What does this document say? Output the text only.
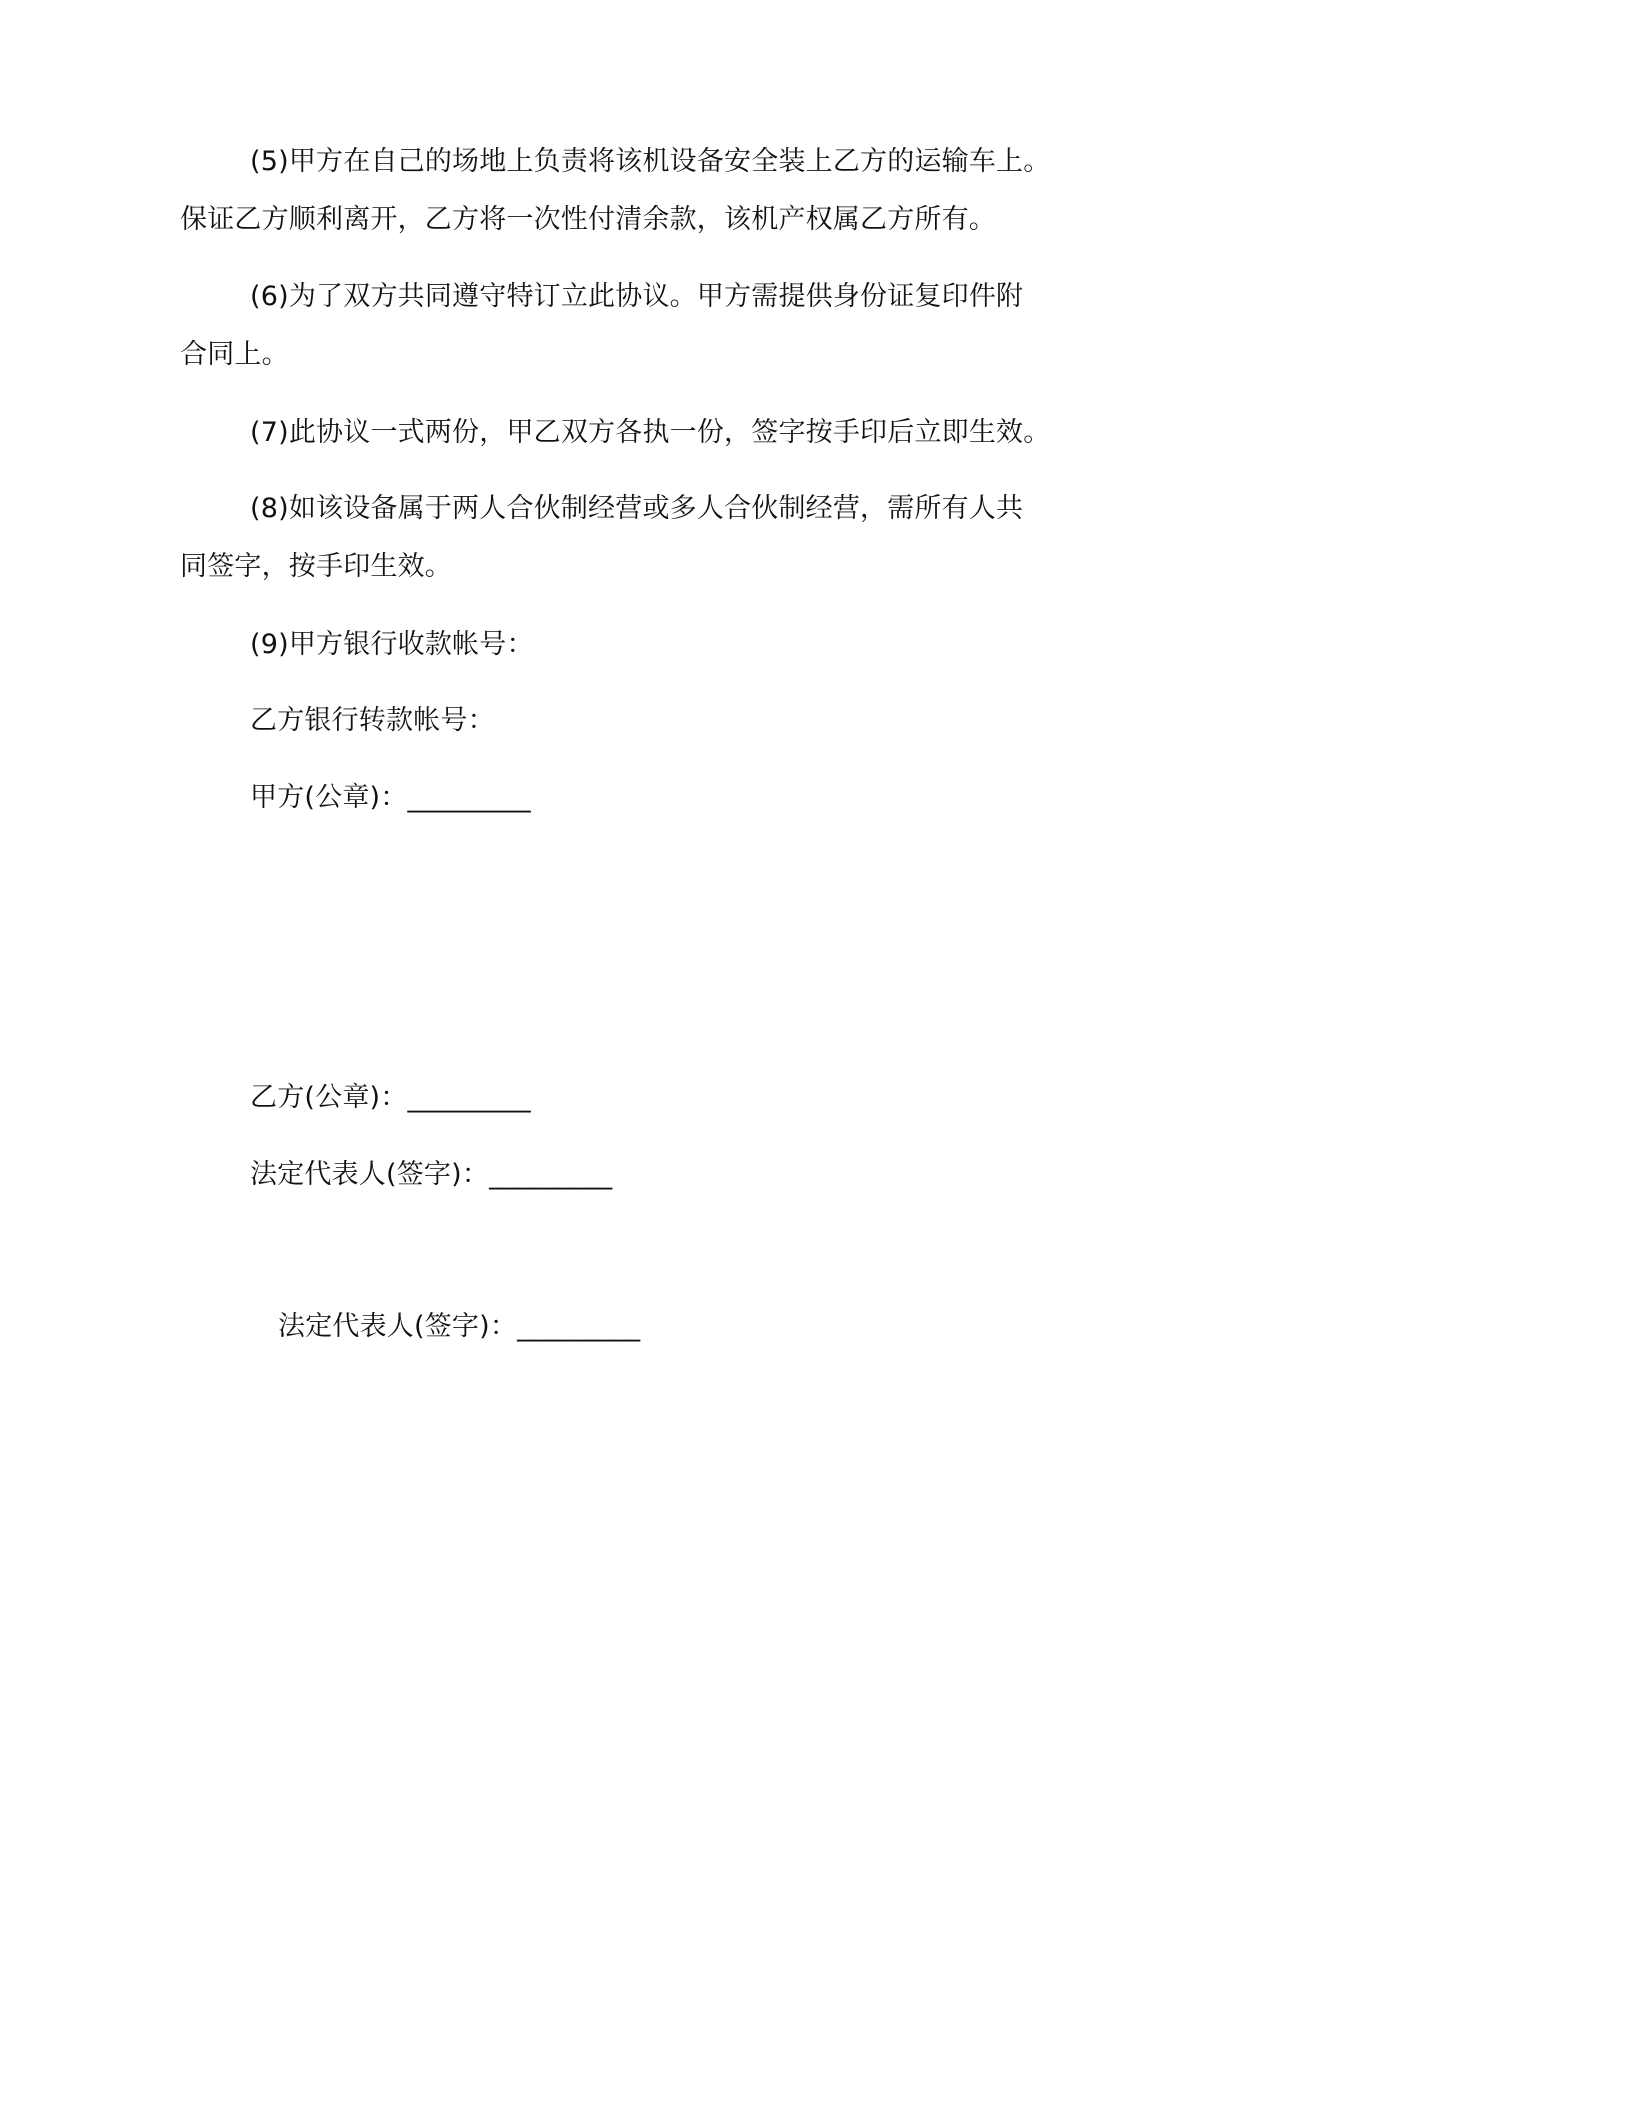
(5)甲方在自己的场地上负责将该机设备安全装上乙方的运输车上。
保证乙方顺利离开，乙方将一次性付清余款，该机产权属乙方所有。
(6)为了双方共同遵守特订立此协议。甲方需提供身份证复印件附
合同上。
(7)此协议一式两份，甲乙双方各执一份，签字按手印后立即生效。
(8)如该设备属于两人合伙制经营或多人合伙制经营，需所有人共
同签字，按手印生效。
(9)甲方银行收款帐号：
乙方银行转款帐号：
甲方(公章)：_________
乙方(公章)：_________
法定代表人(签字)：_________
法定代表人(签字)：_________
